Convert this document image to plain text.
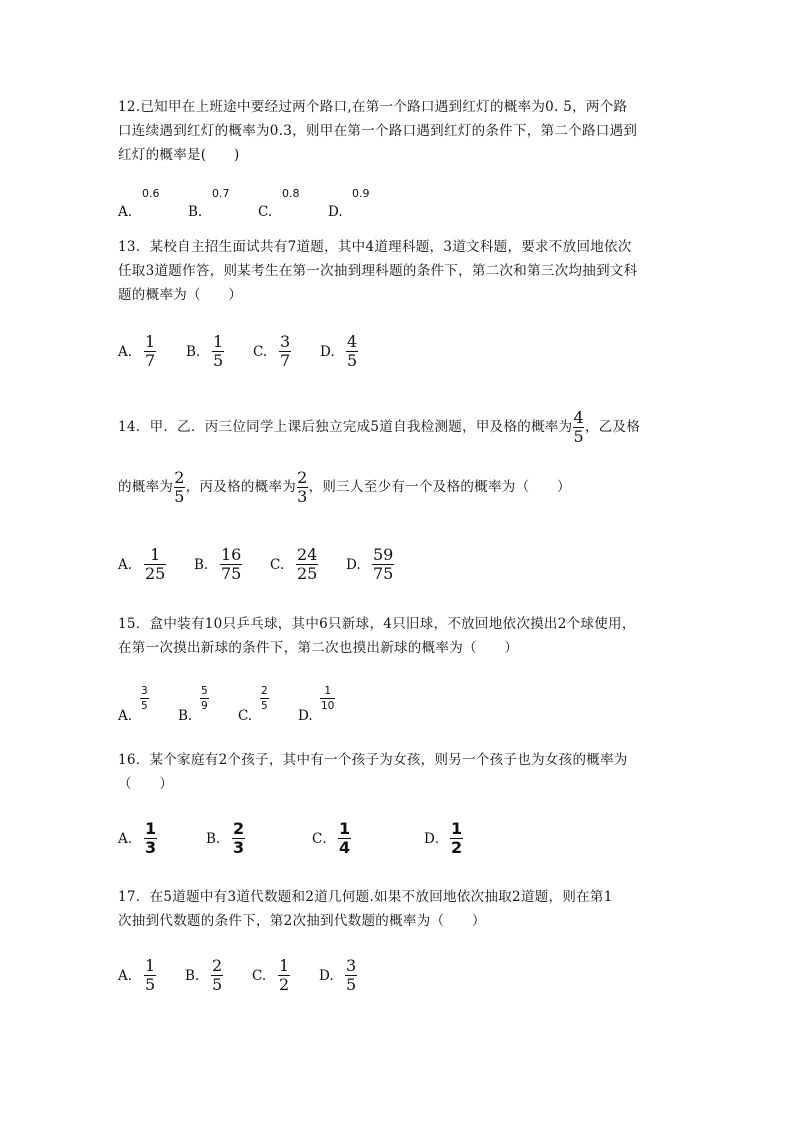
12.已知甲在上班途中要经过两个路口,在第一个路口遇到红灯的概率为0. 5，两个路
口连续遇到红灯的概率为0.3，则甲在第一个路口遇到红灯的条件下，第二个路口遇到
红灯的概率是(　　)
A.
0.6
B.
0.7
C.
0.8
D.
0.9
13．某校自主招生面试共有7道题，其中4道理科题，3道文科题，要求不放回地依次
任取3道题作答，则某考生在第一次抽到理科题的条件下，第二次和第三次均抽到文科
题的概率为（　　）
A.
1
7 B.
1
5 C.
3
7 D.
4
5
14．甲．乙．丙三位同学上课后独立完成5道自我检测题，甲及格的概率为 $\frac{4}{5}$ ，乙及格
的概率为 $\frac{2}{5}$ ，丙及格的概率为 $\frac{2}{3}$ ，则三人至少有一个及格的概率为（　　）
A.
1
25 B.
16
75 C.
24
25 D.
59
75
15．盒中装有10只乒乓球，其中6只新球，4只旧球，不放回地依次摸出2个球使用，
在第一次摸出新球的条件下，第二次也摸出新球的概率为（　　）
A.
3
5
B.
5
9
C.
2
5
D.
1
10
16．某个家庭有2个孩子，其中有一个孩子为女孩，则另一个孩子也为女孩的概率为
（　　）
A．
1
3	B．
2
3	C．
1
4	D．
1
2
17．在5道题中有3道代数题和2道几何题.如果不放回地依次抽取2道题，则在第1
次抽到代数题的条件下，第2次抽到代数题的概率为（　　）
A.
1
5 B.
2
5 C.
1
2 D.
3
5
